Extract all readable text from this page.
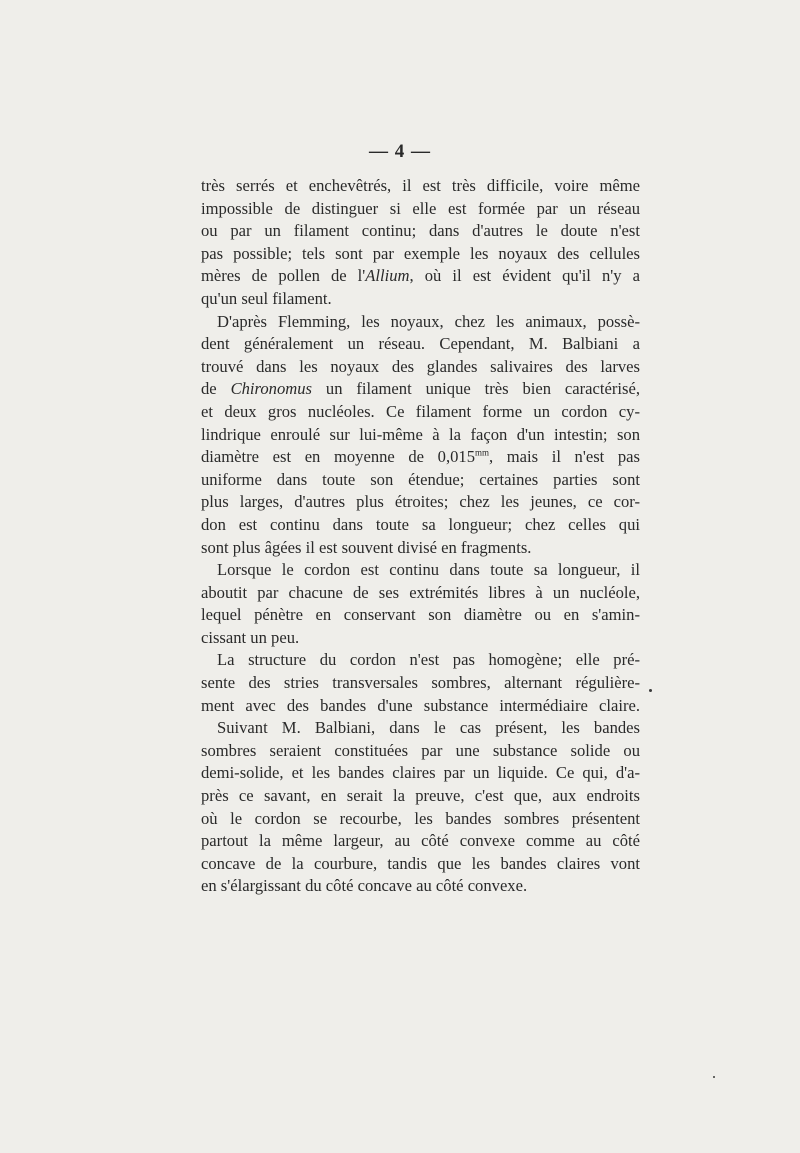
— 4 —

très serrés et enchevêtrés, il est très difficile, voire même

impossible de distinguer si elle est formée par un réseau

ou par un filament continu; dans d'autres le doute n'est

pas possible; tels sont par exemple les noyaux des cellules

mères de pollen de l'Allium, où il est évident qu'il n'y a

qu'un seul filament.

D'après Flemming, les noyaux, chez les animaux, possè-

dent généralement un réseau. Cependant, M. Balbiani a

trouvé dans les noyaux des glandes salivaires des larves

de Chironomus un filament unique très bien caractérisé,

et deux gros nucléoles. Ce filament forme un cordon cy-

lindrique enroulé sur lui-même à la façon d'un intestin; son

diamètre est en moyenne de $0,015^{mm}$, mais il n'est pas

uniforme dans toute son étendue; certaines parties sont

plus larges, d'autres plus étroites; chez les jeunes, ce cor-

don est continu dans toute sa longueur; chez celles qui

sont plus âgées il est souvent divisé en fragments.

Lorsque le cordon est continu dans toute sa longueur, il

aboutit par chacune de ses extrémités libres à un nucléole,

lequel pénètre en conservant son diamètre ou en s'amin-

cissant un peu.

La structure du cordon n'est pas homogène; elle pré-

sente des stries transversales sombres, alternant régulière-

ment avec des bandes d'une substance intermédiaire claire.

Suivant M. Balbiani, dans le cas présent, les bandes

sombres seraient constituées par une substance solide ou

demi-solide, et les bandes claires par un liquide. Ce qui, d'a-

près ce savant, en serait la preuve, c'est que, aux endroits

où le cordon se recourbe, les bandes sombres présentent

partout la même largeur, au côté convexe comme au côté

concave de la courbure, tandis que les bandes claires vont

en s'élargissant du côté concave au côté convexe.
